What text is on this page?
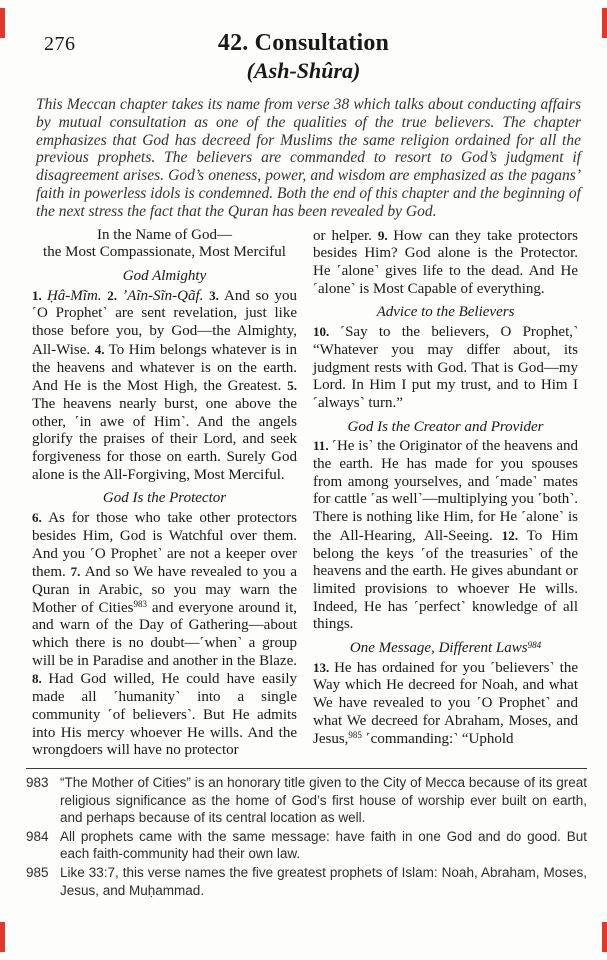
276	42. Consultation
(Ash-Shûra)
This Meccan chapter takes its name from verse 38 which talks about conducting affairs by mutual consultation as one of the qualities of the true believers. The chapter emphasizes that God has decreed for Muslims the same religion ordained for all the previous prophets. The believers are commanded to resort to God’s judgment if disagreement arises. God’s oneness, power, and wisdom are emphasized as the pagans’ faith in powerless idols is condemned. Both the end of this chapter and the beginning of the next stress the fact that the Quran has been revealed by God.
In the Name of God—
the Most Compassionate, Most Merciful
God Almighty

1. Ḥâ-Mĩm. 2. ʼAĩn-Sĩn-Qãf. 3. And so you ˹O Prophet˺ are sent revelation, just like those before you, by God—the Almighty, All-Wise. 4. To Him belongs whatever is in the heavens and whatever is on the earth. And He is the Most High, the Greatest. 5. The heavens nearly burst, one above the other, ˹in awe of Him˺. And the angels glorify the praises of their Lord, and seek forgiveness for those on earth. Surely God alone is the All-Forgiving, Most Merciful.

God Is the Protector

6. As for those who take other protectors besides Him, God is Watchful over them. And you ˹O Prophet˺ are not a keeper over them. 7. And so We have revealed to you a Quran in Arabic, so you may warn the Mother of Cities$^{983}$ and everyone around it, and warn of the Day of Gathering—about which there is no doubt—˹when˺ a group will be in Paradise and another in the Blaze. 8. Had God willed, He could have easily made all ˹humanity˺ into a single community ˹of believers˺. But He admits into His mercy whoever He wills. And the wrongdoers will have no protector

or helper. 9. How can they take protectors besides Him? God alone is the Protector. He ˹alone˺ gives life to the dead. And He ˹alone˺ is Most Capable of everything.

Advice to the Believers

10. ˹Say to the believers, O Prophet,˺ “Whatever you may differ about, its judgment rests with God. That is God—my Lord. In Him I put my trust, and to Him I ˹always˺ turn.”

God Is the Creator and Provider

11. ˹He is˺ the Originator of the heavens and the earth. He has made for you spouses from among yourselves, and ˹made˺ mates for cattle ˹as well˺—multiplying you ˹both˺. There is nothing like Him, for He ˹alone˺ is the All-Hearing, All-Seeing. 12. To Him belong the keys ˹of the treasuries˺ of the heavens and the earth. He gives abundant or limited provisions to whoever He wills. Indeed, He has ˹perfect˺ knowledge of all things.

One Message, Different Laws$^{984}$

13. He has ordained for you ˹believers˺ the Way which He decreed for Noah, and what We have revealed to you ˹O Prophet˺ and what We decreed for Abraham, Moses, and Jesus,$^{985}$ ˹commanding:˺ “Uphold

983 “The Mother of Cities” is an honorary title given to the City of Mecca because of its great religious significance as the home of God’s first house of worship ever built on earth, and perhaps because of its central location as well.
984 All prophets came with the same message: have faith in one God and do good. But each faith-community had their own law.
985 Like 33:7, this verse names the five greatest prophets of Islam: Noah, Abraham, Moses, Jesus, and Muḥammad.
